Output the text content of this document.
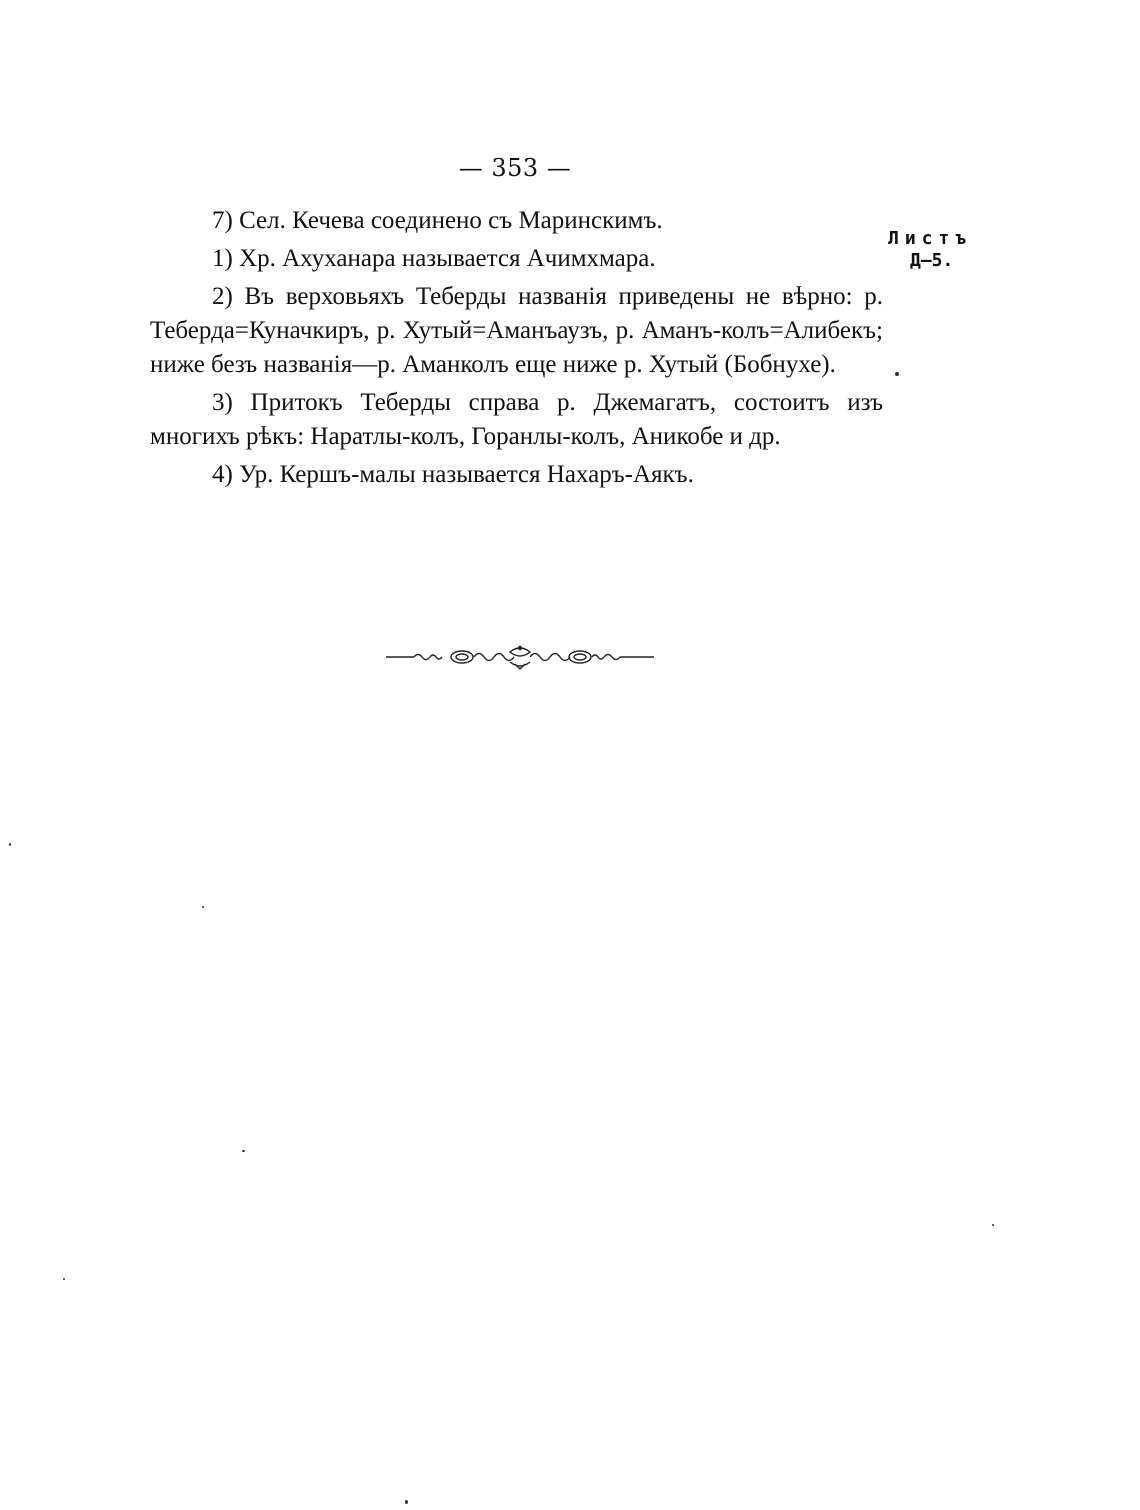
— 353 —
Листъ
Д—5.

7) Сел. Кечева соединено съ Маринскимъ.

1) Хр. Ахуханара называется Ачимхмара.

2) Въ верховьяхъ Теберды названія приведены не вѣрно: р. Теберда=Куначкиръ, р. Хутый=Аманъаузъ, р. Аманъ-колъ=Алибекъ; ниже безъ названія—р. Аманколъ еще ниже р. Хутый (Бобнухе).

3) Притокъ Теберды справа р. Джемагатъ, состоитъ изъ многихъ рѣкъ: Наратлы-колъ, Горанлы-колъ, Аникобе и др.

4) Ур. Кершъ-малы называется Нахаръ-Аякъ.
